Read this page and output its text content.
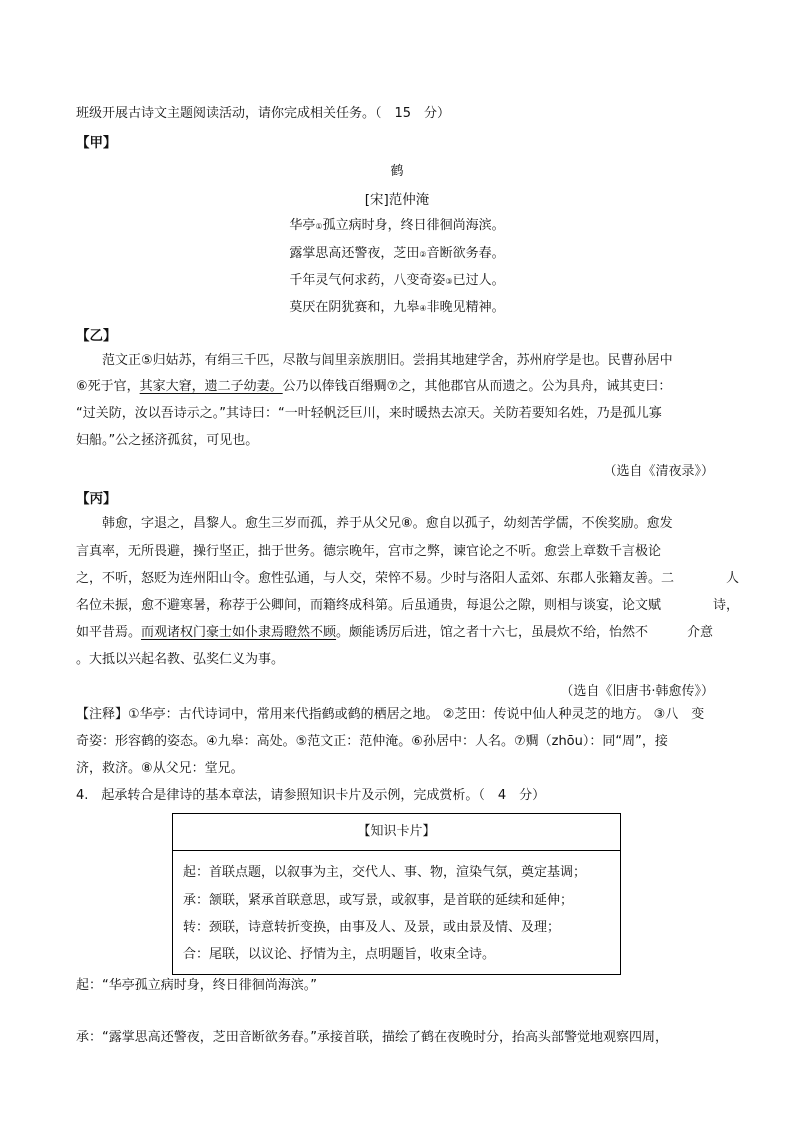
班级开展古诗文主题阅读活动，请你完成相关任务。（　15　分）
【甲】
鹤
[宋]范仲淹
华亭①孤立病时身，终日徘徊尚海滨。
露掌思高还警夜，芝田②音断欲务春。
千年灵气何求药，八变奇姿③已过人。
莫厌在阴犹赛和，九皋④非晚见精神。
【乙】
　　范文正⑤归姑苏，有绢三千匹，尽散与闾里亲族朋旧。尝捐其地建学舍，苏州府学是也。民曹孙居中
⑥死于官，其家大窘，遗二子幼妻。公乃以俸钱百缗赒⑦之，其他郡官从而遗之。公为具舟，诫其吏曰：
“过关防，汝以吾诗示之。”其诗曰：“一叶轻帆泛巨川，来时暖热去凉天。关防若要知名姓，乃是孤儿寡
妇船。”公之拯济孤贫，可见也。
（选自《清夜录》）
【丙】
　　韩愈，字退之，昌黎人。愈生三岁而孤，养于从父兄⑧。愈自以孤子，幼刻苦学儒，不俟奖励。愈发
言真率，无所畏避，操行坚正，拙于世务。德宗晚年，宫市之弊，谏官论之不听。愈尝上章数千言极论
之，不听，怒贬为连州阳山令。愈性弘通，与人交，荣悴不易。少时与洛阳人孟郊、东郡人张籍友善。二　　　　人
名位未振，愈不避寒暑，称荐于公卿间，而籍终成科第。后虽通贵，每退公之隙，则相与谈宴，论文赋　　　　诗，
如平昔焉。而观诸权门豪士如仆隶焉瞪然不顾。颇能诱厉后进，馆之者十六七，虽晨炊不给，怡然不　　　介意
。大抵以兴起名教、弘奖仁义为事。
（选自《旧唐书·韩愈传》）
【注释】①华亭：古代诗词中，常用来代指鹤或鹤的栖居之地。 ②芝田：传说中仙人种灵芝的地方。 ③八　变
奇姿：形容鹤的姿态。④九皋：高处。⑤范文正：范仲淹。⑥孙居中：人名。⑦赒（zhōu）：同“周”，接
济，救济。⑧从父兄：堂兄。
4.　起承转合是律诗的基本章法，请参照知识卡片及示例，完成赏析。（　4　分）
【知识卡片】
起：首联点题，以叙事为主，交代人、事、物，渲染气氛，奠定基调；
承：颔联，紧承首联意思，或写景，或叙事，是首联的延续和延伸；
转：颈联，诗意转折变换，由事及人、及景，或由景及情、及理；
合：尾联，以议论、抒情为主，点明题旨，收束全诗。
起：“华亭孤立病时身，终日徘徊尚海滨。”
承：“露掌思高还警夜，芝田音断欲务春。”承接首联，描绘了鹤在夜晚时分，抬高头部警觉地观察四周，
